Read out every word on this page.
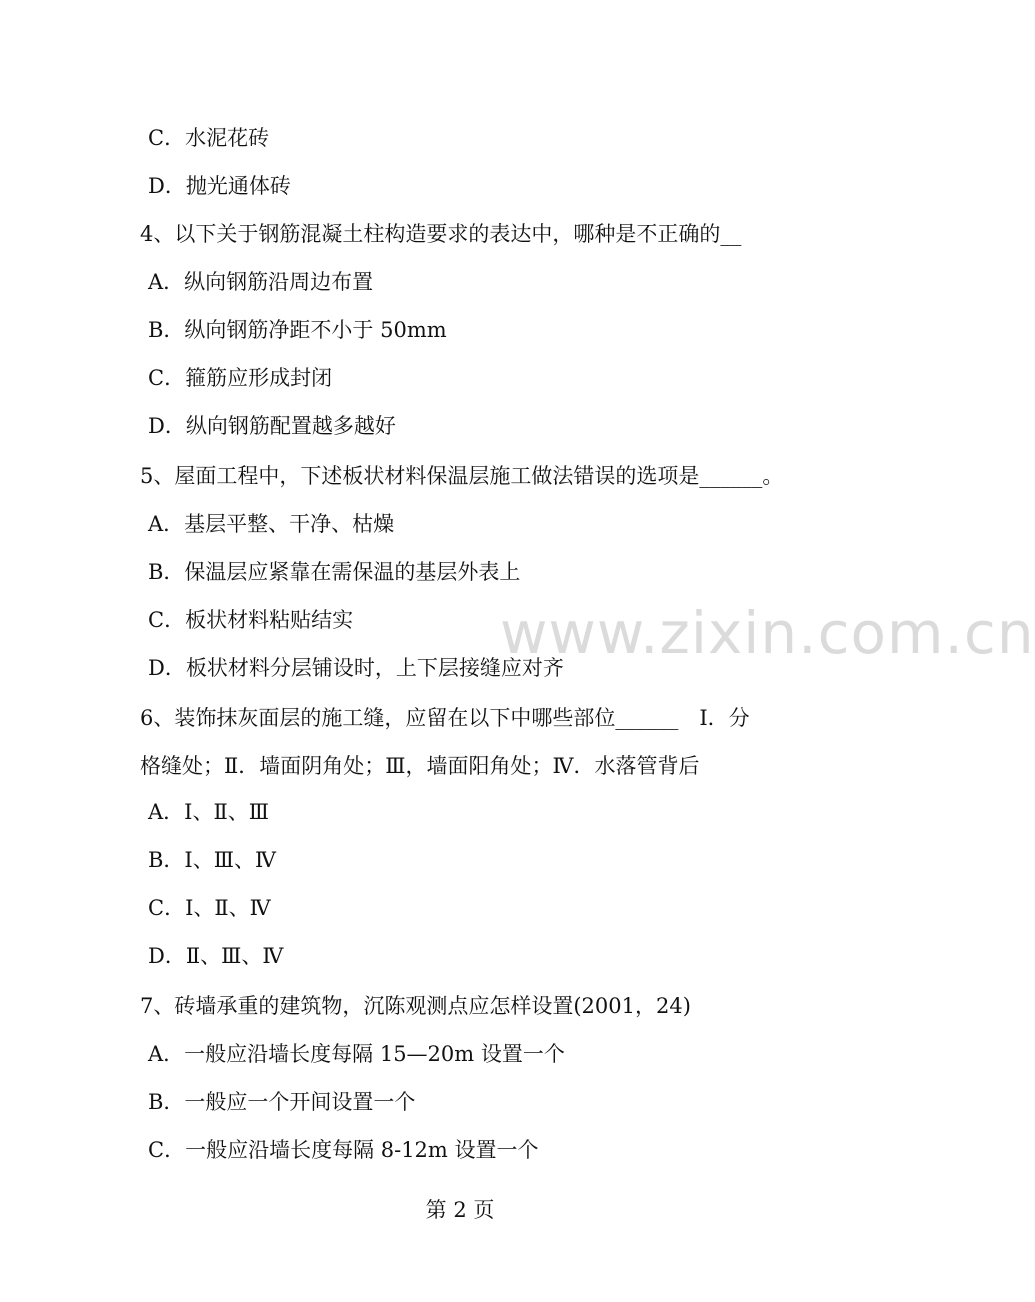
C．水泥花砖
D．抛光通体砖
4、以下关于钢筋混凝土柱构造要求的表达中，哪种是不正确的__
A．纵向钢筋沿周边布置
B．纵向钢筋净距不小于 50mm
C．箍筋应形成封闭
D．纵向钢筋配置越多越好
5、屋面工程中，下述板状材料保温层施工做法错误的选项是______。
A．基层平整、干净、枯燥
B．保温层应紧靠在需保温的基层外表上
C．板状材料粘贴结实
D．板状材料分层铺设时，上下层接缝应对齐
6、装饰抹灰面层的施工缝，应留在以下中哪些部位______　Ⅰ．分
格缝处；Ⅱ．墙面阴角处；Ⅲ，墙面阳角处；Ⅳ．水落管背后
A．Ⅰ、Ⅱ、Ⅲ
B．Ⅰ、Ⅲ、Ⅳ
C．Ⅰ、Ⅱ、Ⅳ
D．Ⅱ、Ⅲ、Ⅳ
7、砖墙承重的建筑物，沉陈观测点应怎样设置(2001，24)
A．一般应沿墙长度每隔 15—20m 设置一个
B．一般应一个开间设置一个
C．一般应沿墙长度每隔 8-12m 设置一个
www.zixin.com.cn
第 2 页
